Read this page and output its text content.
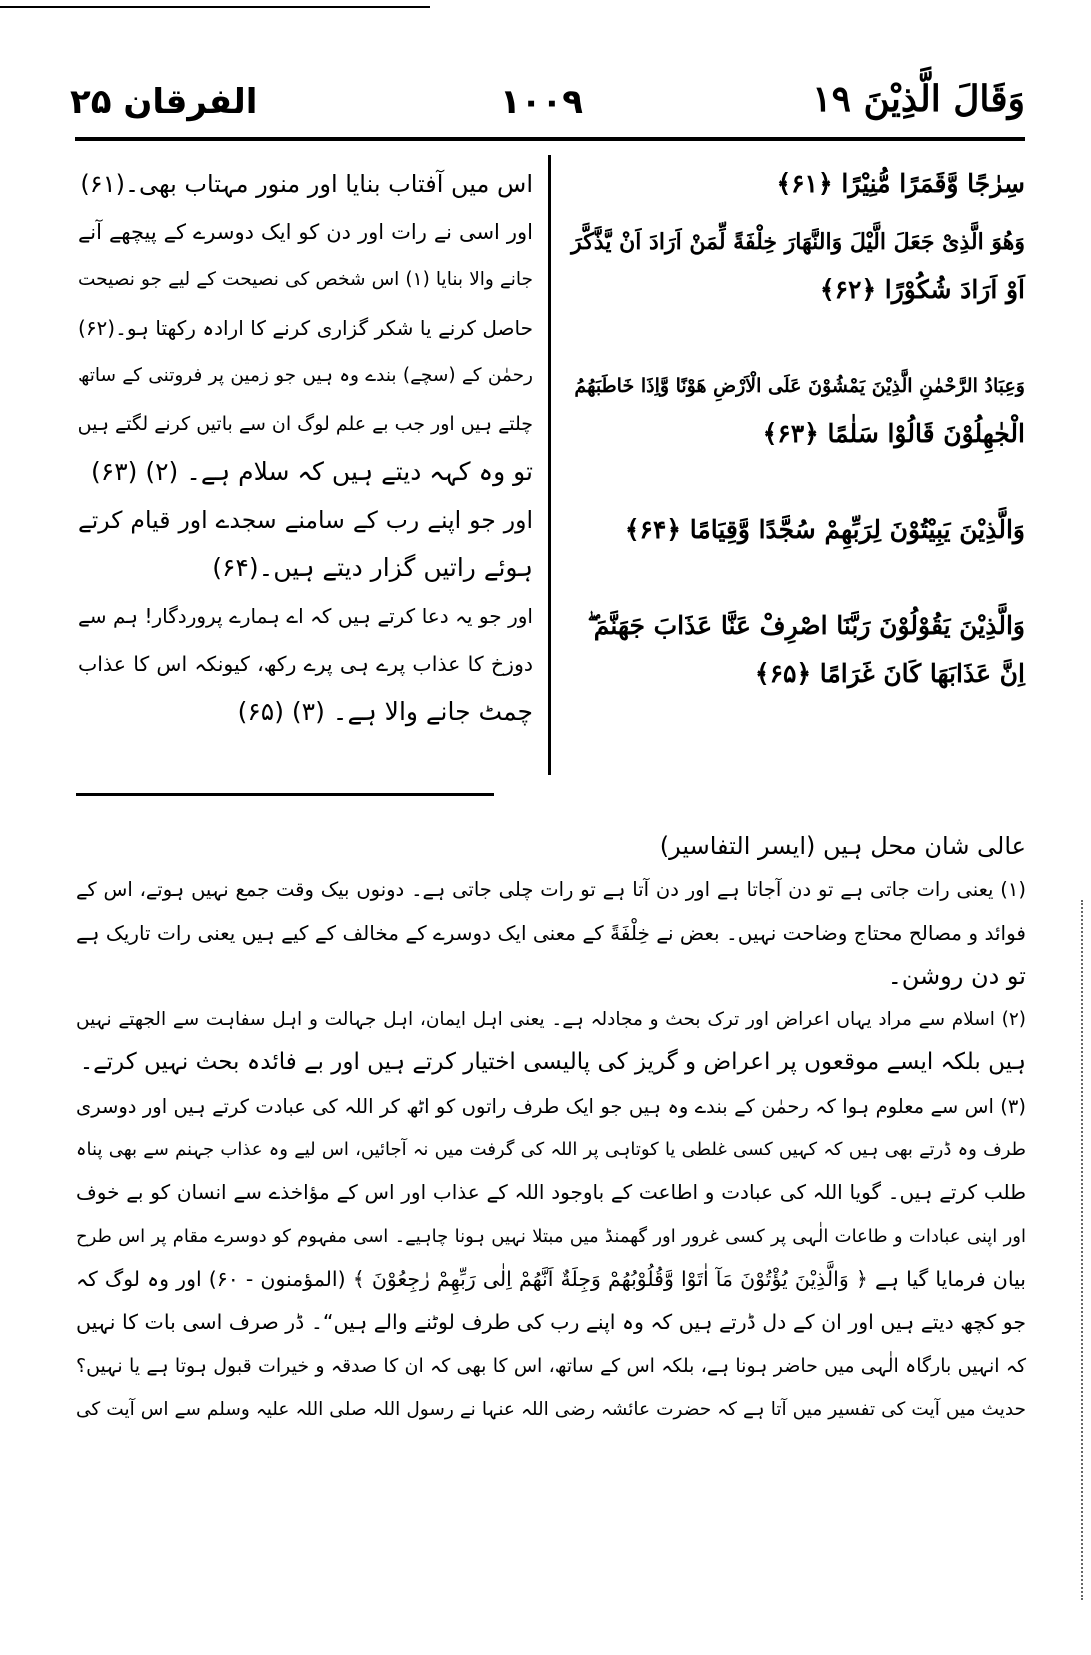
الفرقان ۲۵	۱۰۰۹	وَقَالَ الَّذِیْنَ ۱۹
اس میں آفتاب بنایا اور منور مہتاب بھی۔(۶۱)
اور اسی نے رات اور دن کو ایک دوسرے کے پیچھے آنے
جانے والا بنایا (۱) اس شخص کی نصیحت کے لیے جو نصیحت
حاصل کرنے یا شکر گزاری کرنے کا ارادہ رکھتا ہو۔(۶۲)
رحمٰن کے (سچے) بندے وہ ہیں جو زمین پر فروتنی کے ساتھ
چلتے ہیں اور جب بے علم لوگ ان سے باتیں کرنے لگتے ہیں
تو وہ کہہ دیتے ہیں کہ سلام ہے۔ (۲) (۶۳)
اور جو اپنے رب کے سامنے سجدے اور قیام کرتے
ہوئے راتیں گزار دیتے ہیں۔(۶۴)
اور جو یہ دعا کرتے ہیں کہ اے ہمارے پروردگار! ہم سے
دوزخ کا عذاب پرے ہی پرے رکھ، کیونکہ اس کا عذاب
چمٹ جانے والا ہے۔ (۳) (۶۵)
سِرٰجًا وَّقَمَرًا مُّنِیْرًا ﴿۶۱﴾
وَهُوَ الَّذِیْ جَعَلَ الَّیْلَ وَالنَّهَارَ خِلْفَةً لِّمَنْ اَرَادَ اَنْ یَّذَّكَّرَ
اَوْ اَرَادَ شُكُوْرًا ﴿۶۲﴾
وَعِبَادُ الرَّحْمٰنِ الَّذِیْنَ یَمْشُوْنَ عَلَى الْاَرْضِ هَوْنًا وَّاِذَا خَاطَبَهُمُ
الْجٰهِلُوْنَ قَالُوْا سَلٰمًا ﴿۶۳﴾
وَالَّذِیْنَ یَبِیْتُوْنَ لِرَبِّهِمْ سُجَّدًا وَّقِیَامًا ﴿۶۴﴾
وَالَّذِیْنَ یَقُوْلُوْنَ رَبَّنَا اصْرِفْ عَنَّا عَذَابَ جَهَنَّمَ ۖ
اِنَّ عَذَابَهَا كَانَ غَرَامًا ﴿۶۵﴾
عالی شان محل ہیں (ایسر التفاسیر)
(۱) یعنی رات جاتی ہے تو دن آجاتا ہے اور دن آتا ہے تو رات چلی جاتی ہے۔ دونوں بیک وقت جمع نہیں ہوتے، اس کے
فوائد و مصالح محتاج وضاحت نہیں۔ بعض نے خِلْفَةً کے معنی ایک دوسرے کے مخالف کے کیے ہیں یعنی رات تاریک ہے
تو دن روشن۔
(۲) اسلام سے مراد یہاں اعراض اور ترک بحث و مجادلہ ہے۔ یعنی اہل ایمان، اہل جہالت و اہل سفاہت سے الجھتے نہیں
ہیں بلکہ ایسے موقعوں پر اعراض و گریز کی پالیسی اختیار کرتے ہیں اور بے فائدہ بحث نہیں کرتے۔
(۳) اس سے معلوم ہوا کہ رحمٰن کے بندے وہ ہیں جو ایک طرف راتوں کو اٹھ کر اللہ کی عبادت کرتے ہیں اور دوسری
طرف وہ ڈرتے بھی ہیں کہ کہیں کسی غلطی یا کوتاہی پر اللہ کی گرفت میں نہ آجائیں، اس لیے وہ عذاب جہنم سے بھی پناہ
طلب کرتے ہیں۔ گویا اللہ کی عبادت و اطاعت کے باوجود اللہ کے عذاب اور اس کے مؤاخذے سے انسان کو بے خوف
اور اپنی عبادات و طاعات الٰہی پر کسی غرور اور گھمنڈ میں مبتلا نہیں ہونا چاہیے۔ اسی مفہوم کو دوسرے مقام پر اس طرح
بیان فرمایا گیا ہے ﴿ وَالَّذِیْنَ یُؤْتُوْنَ مَآ اٰتَوْا وَّقُلُوْبُهُمْ وَجِلَةٌ اَنَّهُمْ اِلٰى رَبِّهِمْ رٰجِعُوْنَ ﴾ (المؤمنون - ۶۰) اور وہ لوگ کہ
جو کچھ دیتے ہیں اور ان کے دل ڈرتے ہیں کہ وہ اپنے رب کی طرف لوٹنے والے ہیں“۔ ڈر صرف اسی بات کا نہیں
کہ انہیں بارگاہ الٰہی میں حاضر ہونا ہے، بلکہ اس کے ساتھ، اس کا بھی کہ ان کا صدقہ و خیرات قبول ہوتا ہے یا نہیں؟
حدیث میں آیت کی تفسیر میں آتا ہے کہ حضرت عائشہ رضی اللہ عنہا نے رسول اللہ صلی اللہ علیہ وسلم سے اس آیت کی
